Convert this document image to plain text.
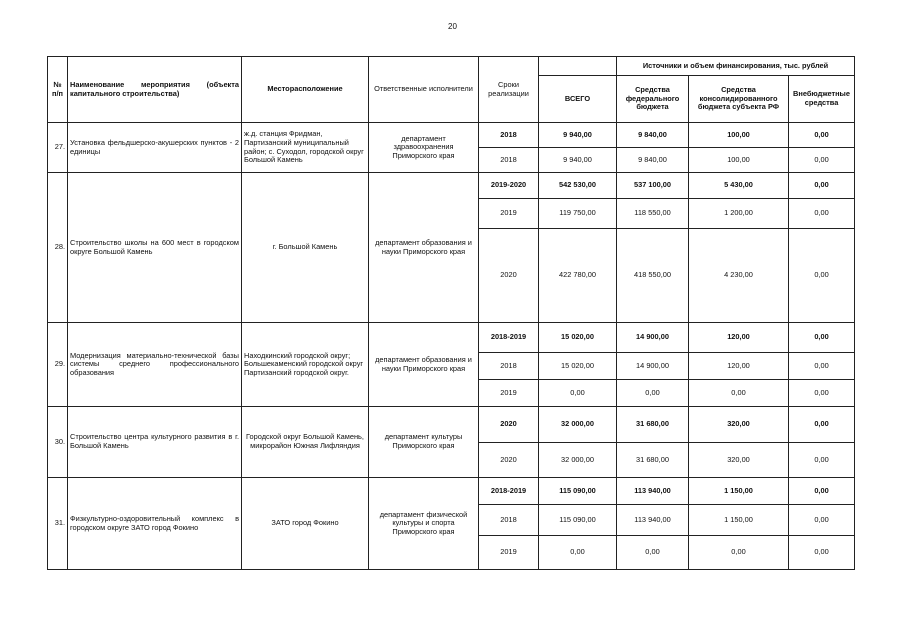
20
№ п/п	Наименование мероприятия (объекта капитального строительства)	Месторасположение	Ответственные исполнители	Сроки реализации		Источники и объем финансирования, тыс. рублей		
					ВСЕГО	Средства федерального бюджета	Средства консолидированного бюджета субъекта РФ	Внебюджетные средства
27.	Установка фельдшерско-акушерских пунктов - 2 единицы	ж.д. станция Фридман, Партизанский муниципальный район; с. Суходол, городской округ Большой Камень	департамент здравоохранения Приморского края	2018	9 940,00	9 840,00	100,00	0,00
				2018	9 940,00	9 840,00	100,00	0,00
28.	Строительство школы на 600 мест в городском округе Большой Камень	г. Большой Камень	департамент образования и науки Приморского края	2019-2020	542 530,00	537 100,00	5 430,00	0,00
				2019	119 750,00	118 550,00	1 200,00	0,00
				2020	422 780,00	418 550,00	4 230,00	0,00
29.	Модернизация материально-технической базы системы среднего профессионального образования	Находкинский городской округ; Большекаменский городской округ Партизанский городской округ.	департамент образования и науки Приморского края	2018-2019	15 020,00	14 900,00	120,00	0,00
				2018	15 020,00	14 900,00	120,00	0,00
				2019	0,00	0,00	0,00	0,00
30.	Строительство центра культурного развития в г. Большой Камень	Городской округ Большой Камень, микрорайон Южная Лифляндия	департамент культуры Приморского края	2020	32 000,00	31 680,00	320,00	0,00
				2020	32 000,00	31 680,00	320,00	0,00
31.	Физкультурно-оздоровительный комплекс в городском округе ЗАТО город Фокино	ЗАТО город Фокино	департамент физической культуры и спорта Приморского края	2018-2019	115 090,00	113 940,00	1 150,00	0,00
				2018	115 090,00	113 940,00	1 150,00	0,00
				2019	0,00	0,00	0,00	0,00
